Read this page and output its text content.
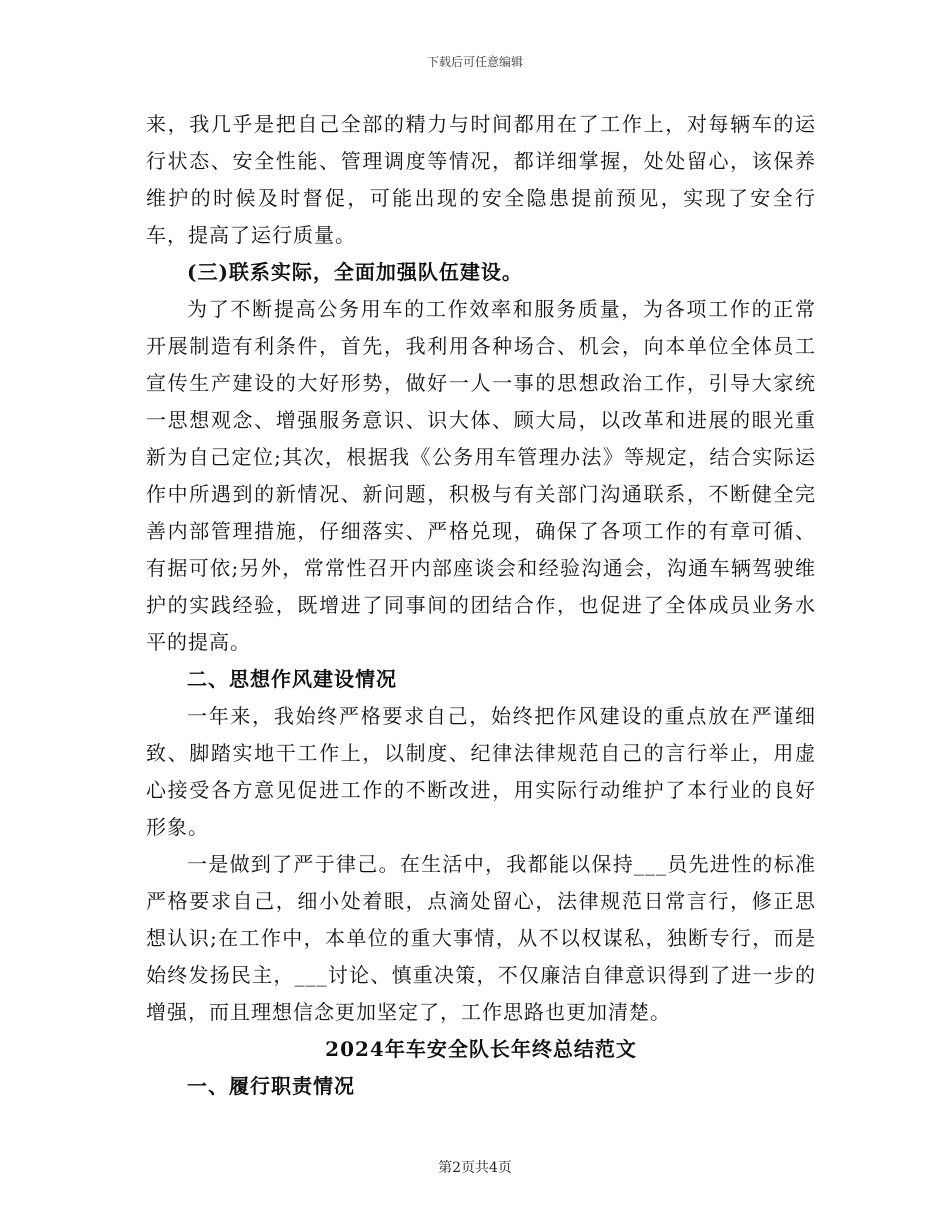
下载后可任意编辑

来，我几乎是把自己全部的精力与时间都用在了工作上，对每辆车的运行状态、安全性能、管理调度等情况，都详细掌握，处处留心，该保养维护的时候及时督促，可能出现的安全隐患提前预见，实现了安全行车，提高了运行质量。

(三)联系实际，全面加强队伍建设。

为了不断提高公务用车的工作效率和服务质量，为各项工作的正常开展制造有利条件，首先，我利用各种场合、机会，向本单位全体员工宣传生产建设的大好形势，做好一人一事的思想政治工作，引导大家统一思想观念、增强服务意识、识大体、顾大局，以改革和进展的眼光重新为自己定位;其次，根据我《公务用车管理办法》等规定，结合实际运作中所遇到的新情况、新问题，积极与有关部门沟通联系，不断健全完善内部管理措施，仔细落实、严格兑现，确保了各项工作的有章可循、有据可依;另外，常常性召开内部座谈会和经验沟通会，沟通车辆驾驶维护的实践经验，既增进了同事间的团结合作，也促进了全体成员业务水平的提高。

二、思想作风建设情况

一年来，我始终严格要求自己，始终把作风建设的重点放在严谨细致、脚踏实地干工作上，以制度、纪律法律规范自己的言行举止，用虚心接受各方意见促进工作的不断改进，用实际行动维护了本行业的良好形象。

一是做到了严于律己。在生活中，我都能以保持___员先进性的标准严格要求自己，细小处着眼，点滴处留心，法律规范日常言行，修正思想认识;在工作中，本单位的重大事情，从不以权谋私，独断专行，而是始终发扬民主，___讨论、慎重决策，不仅廉洁自律意识得到了进一步的增强，而且理想信念更加坚定了，工作思路也更加清楚。

2024年车安全队长年终总结范文

一、履行职责情况

第2页共4页
